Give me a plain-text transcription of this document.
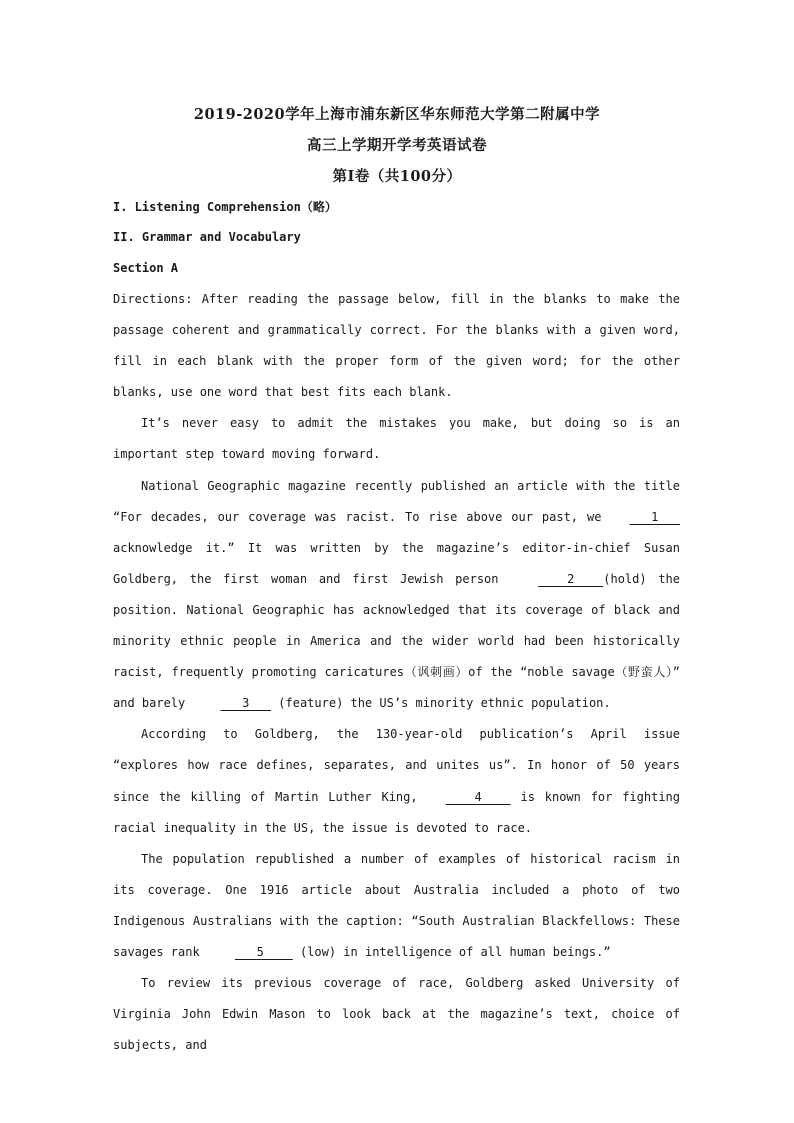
2019-2020学年上海市浦东新区华东师范大学第二附属中学
高三上学期开学考英语试卷
第I卷（共100分）
I. Listening Comprehension（略）
II. Grammar and Vocabulary
Section A

Directions: After reading the passage below, fill in the blanks to make the passage coherent and grammatically correct. For the blanks with a given word, fill in each blank with the proper form of the given word; for the other blanks, use one word that best fits each blank.

It’s never easy to admit the mistakes you make, but doing so is an important step toward moving forward.

National Geographic magazine recently published an article with the title “For decades, our coverage was racist. To rise above our past, we   1    acknowledge it.” It was written by the magazine’s editor-in-chief Susan Goldberg, the first woman and first Jewish person     2    (hold) the position. National Geographic has acknowledged that its coverage of black and minority ethnic people in America and the wider world had been historically racist, frequently promoting caricatures（讽刺画）of the “noble savage（野蛮人）” and barely    3    (feature) the US’s minority ethnic population.

According to Goldberg, the 130-year-old publication’s April issue “explores how race defines, separates, and unites us”. In honor of 50 years since the killing of Martin Luther King,    4     is known for fighting racial inequality in the US, the issue is devoted to race.

The population republished a number of examples of historical racism in its coverage. One 1916 article about Australia included a photo of two Indigenous Australians with the caption: “South Australian Blackfellows: These savages rank    5     (low) in intelligence of all human beings.”

To review its previous coverage of race, Goldberg asked University of Virginia John Edwin Mason to look back at the magazine’s text, choice of subjects, and
